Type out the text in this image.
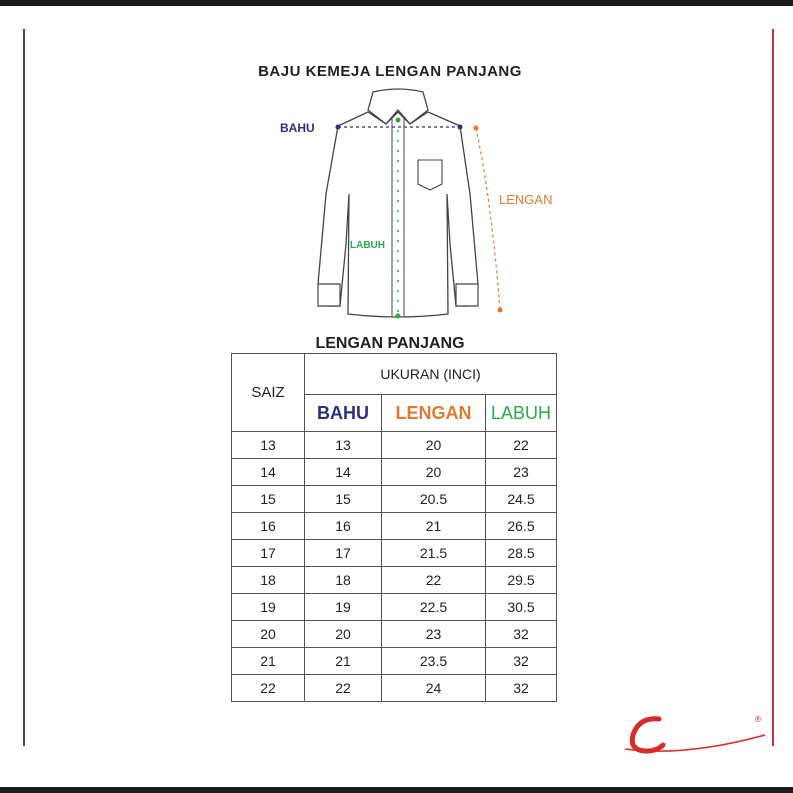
BAJU KEMEJA LENGAN PANJANG
BAHU
LENGAN
LABUH
LENGAN PANJANG
SAIZ	UKURAN (INCI)		
	BAHU	LENGAN	LABUH
13	13	20	22
14	14	20	23
15	15	20.5	24.5
16	16	21	26.5
17	17	21.5	28.5
18	18	22	29.5
19	19	22.5	30.5
20	20	23	32
21	21	23.5	32
22	22	24	32
®
